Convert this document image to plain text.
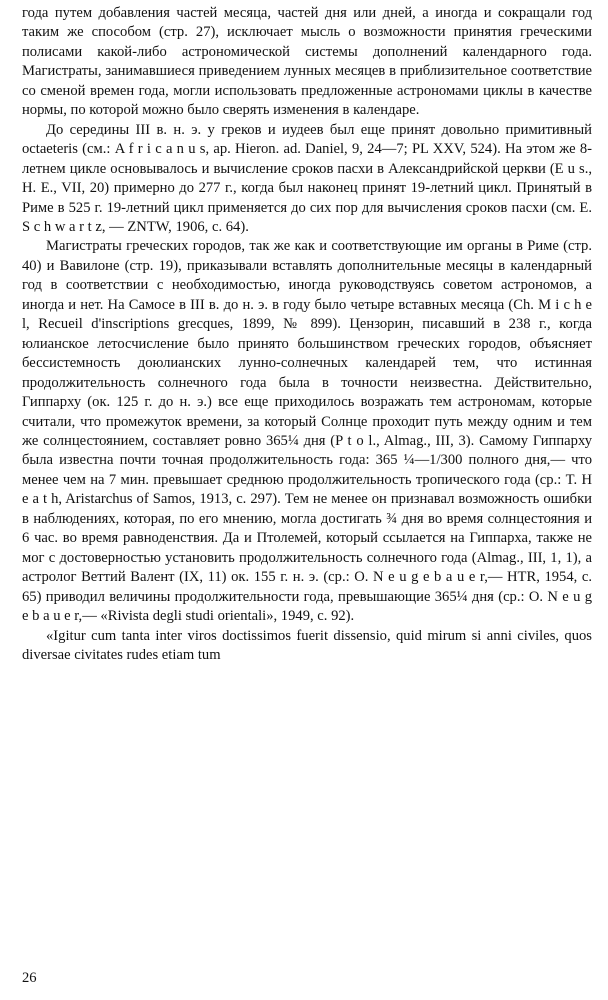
года путем добавления частей месяца, частей дня или дней, а иногда и сокращали год таким же способом (стр. 27), исключает мысль о возможности принятия греческими полисами какой-либо астрономической системы дополнений календарного года. Магистраты, занимавшиеся приведением лунных месяцев в приблизительное соответствие со сменой времен года, могли использовать предложенные астрономами циклы в качестве нормы, по которой можно было сверять изменения в календаре.

До середины III в. н. э. у греков и иудеев был еще принят довольно примитивный octaeteris (см.: A f r i c a n u s, ap. Hieron. ad. Daniel, 9, 24—7; PL XXV, 524). На этом же 8-летнем цикле основывалось и вычисление сроков пасхи в Александрийской церкви (E u s., H. E., VII, 20) примерно до 277 г., когда был наконец принят 19-летний цикл. Принятый в Риме в 525 г. 19-летний цикл применяется до сих пор для вычисления сроков пасхи (см. E. S c h w a r t z, — ZNTW, 1906, с. 64).

Магистраты греческих городов, так же как и соответствующие им органы в Риме (стр. 40) и Вавилоне (стр. 19), приказывали вставлять дополнительные месяцы в календарный год в соответствии с необходимостью, иногда руководствуясь советом астрономов, а иногда и нет. На Самосе в III в. до н. э. в году было четыре вставных месяца (Ch. M i c h e l, Recueil d'inscriptions grecques, 1899, № 899). Цензорин, писавший в 238 г., когда юлианское летосчисление было принято большинством греческих городов, объясняет бессистемность доюлианских лунно-солнечных календарей тем, что истинная продолжительность солнечного года была в точности неизвестна. Действительно, Гиппарху (ок. 125 г. до н. э.) все еще приходилось возражать тем астрономам, которые считали, что промежуток времени, за который Солнце проходит путь между одним и тем же солнцестоянием, составляет ровно 365¼ дня (P t o l., Almag., III, 3). Самому Гиппарху была известна почти точная продолжительность года: 365 ¼—1/300 полного дня,— что менее чем на 7 мин. превышает среднюю продолжительность тропического года (ср.: T. H e a t h, Aristarchus of Samos, 1913, с. 297). Тем не менее он признавал возможность ошибки в наблюдениях, которая, по его мнению, могла достигать ¾ дня во время солнцестояния и 6 час. во время равноденствия. Да и Птолемей, который ссылается на Гиппарха, также не мог с достоверностью установить продолжительность солнечного года (Almag., III, 1, 1), а астролог Веттий Валент (IX, 11) ок. 155 г. н. э. (ср.: O. N e u g e b a u e r,— HTR, 1954, с. 65) приводил величины продолжительности года, превышающие 365¼ дня (ср.: O. N e u g e b a u e r,— «Rivista degli studi orientali», 1949, с. 92).

«Igitur cum tanta inter viros doctissimos fuerit dissensio, quid mirum si anni civiles, quos diversae civitates rudes etiam tum

26
